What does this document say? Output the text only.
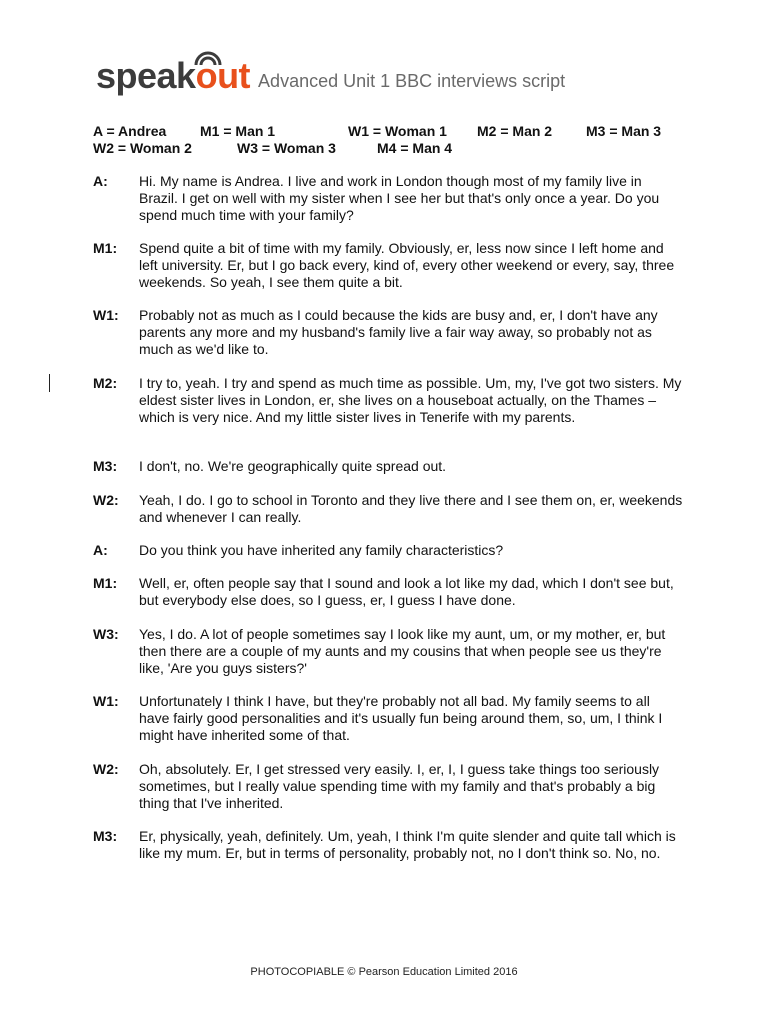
speakout Advanced Unit 1 BBC interviews script
A = Andrea M1 = Man 1	W1 = Woman 1 M2 = Man 2 M3 = Man 3
W2 = Woman 2	W3 = Woman 3	M4 = Man 4
A: Hi. My name is Andrea. I live and work in London though most of my family live in Brazil. I get on well with my sister when I see her but that's only once a year. Do you spend much time with your family?
M1: Spend quite a bit of time with my family. Obviously, er, less now since I left home and left university. Er, but I go back every, kind of, every other weekend or every, say, three weekends. So yeah, I see them quite a bit.
W1: Probably not as much as I could because the kids are busy and, er, I don't have any parents any more and my husband's family live a fair way away, so probably not as much as we'd like to.
M2: I try to, yeah. I try and spend as much time as possible. Um, my, I've got two sisters. My eldest sister lives in London, er, she lives on a houseboat actually, on the Thames – which is very nice. And my little sister lives in Tenerife with my parents.
M3: I don't, no. We're geographically quite spread out.
W2: Yeah, I do. I go to school in Toronto and they live there and I see them on, er, weekends and whenever I can really.
A: Do you think you have inherited any family characteristics?
M1: Well, er, often people say that I sound and look a lot like my dad, which I don't see but, but everybody else does, so I guess, er, I guess I have done.
W3: Yes, I do. A lot of people sometimes say I look like my aunt, um, or my mother, er, but then there are a couple of my aunts and my cousins that when people see us they're like, 'Are you guys sisters?'
W1: Unfortunately I think I have, but they're probably not all bad. My family seems to all have fairly good personalities and it's usually fun being around them, so, um, I think I might have inherited some of that.
W2: Oh, absolutely. Er, I get stressed very easily. I, er, I, I guess take things too seriously sometimes, but I really value spending time with my family and that's probably a big thing that I've inherited.
M3: Er, physically, yeah, definitely. Um, yeah, I think I'm quite slender and quite tall which is like my mum. Er, but in terms of personality, probably not, no I don't think so. No, no.
PHOTOCOPIABLE © Pearson Education Limited 2016
